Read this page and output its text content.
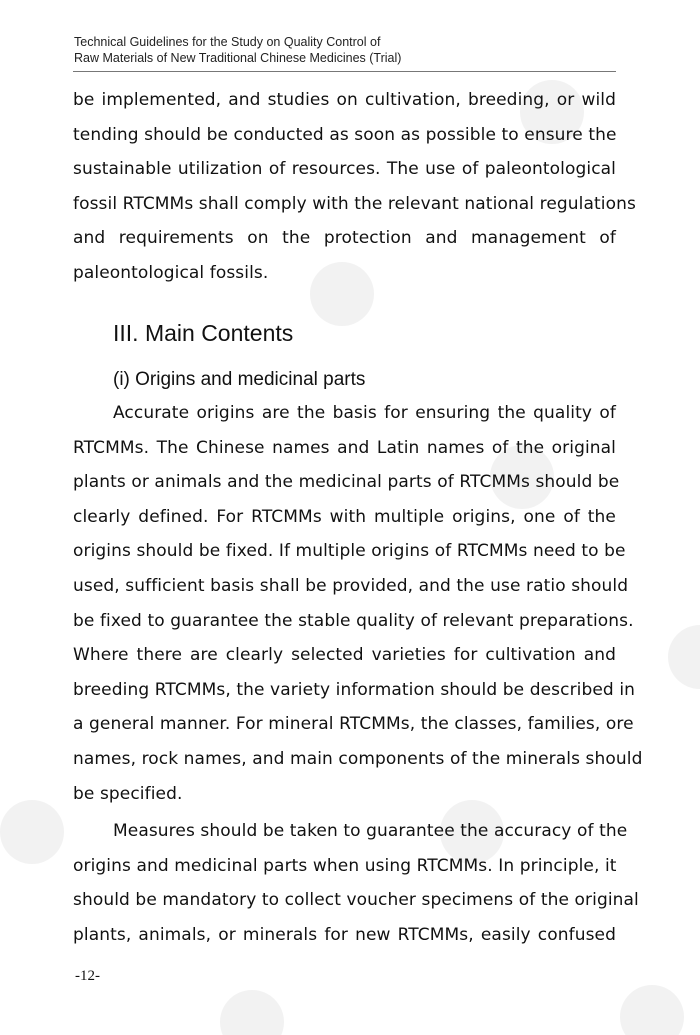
Technical Guidelines for the Study on Quality Control of
Raw Materials of New Traditional Chinese Medicines (Trial)
be implemented, and studies on cultivation, breeding, or wild
tending should be conducted as soon as possible to ensure the
sustainable utilization of resources. The use of paleontological
fossil RTCMMs shall comply with the relevant national regulations
and requirements on the protection and management of
paleontological fossils.
III. Main Contents
(i) Origins and medicinal parts
Accurate origins are the basis for ensuring the quality of
RTCMMs. The Chinese names and Latin names of the original
plants or animals and the medicinal parts of RTCMMs should be
clearly defined. For RTCMMs with multiple origins, one of the
origins should be fixed. If multiple origins of RTCMMs need to be
used, sufficient basis shall be provided, and the use ratio should
be fixed to guarantee the stable quality of relevant preparations.
Where there are clearly selected varieties for cultivation and
breeding RTCMMs, the variety information should be described in
a general manner. For mineral RTCMMs, the classes, families, ore
names, rock names, and main components of the minerals should
be specified.
Measures should be taken to guarantee the accuracy of the
origins and medicinal parts when using RTCMMs. In principle, it
should be mandatory to collect voucher specimens of the original
plants, animals, or minerals for new RTCMMs, easily confused
-12-
